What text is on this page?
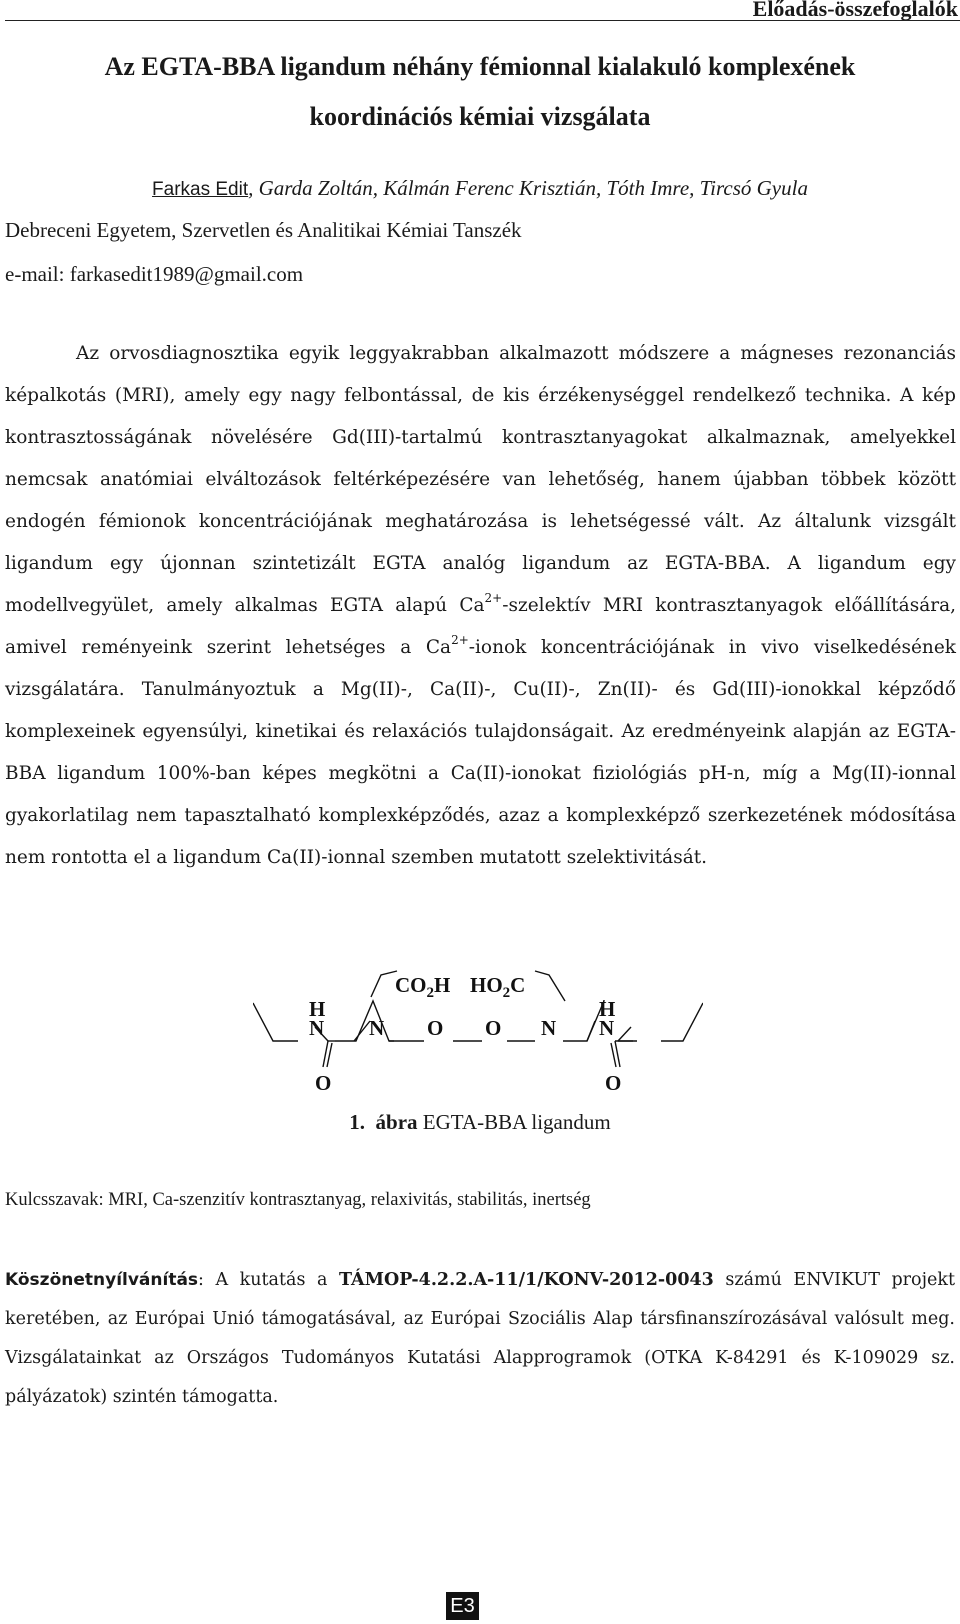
Előadás-összefoglalók
Az EGTA-BBA ligandum néhány fémionnal kialakuló komplexének
koordinációs kémiai vizsgálata
Farkas Edit, Garda Zoltán, Kálmán Ferenc Krisztián, Tóth Imre, Tircsó Gyula
Debreceni Egyetem, Szervetlen és Analitikai Kémiai Tanszék
e-mail: farkasedit1989@gmail.com
Az orvosdiagnosztika egyik leggyakrabban alkalmazott módszere a mágneses rezonanciás képalkotás (MRI), amely egy nagy felbontással, de kis érzékenységgel rendelkező technika. A kép kontrasztosságának növelésére Gd(III)-tartalmú kontrasztanyagokat alkalmaznak, amelyekkel nemcsak anatómiai elváltozások feltérképezésére van lehetőség, hanem újabban többek között endogén fémionok koncentrációjának meghatározása is lehetségessé vált. Az általunk vizsgált ligandum egy újonnan szintetizált EGTA analóg ligandum az EGTA-BBA. A ligandum egy modellvegyület, amely alkalmas EGTA alapú $Ca^{2+}$-szelektív MRI kontrasztanyagok előállítására, amivel reményeink szerint lehetséges a $Ca^{2+}$-ionok koncentrációjának in vivo viselkedésének vizsgálatára. Tanulmányoztuk a Mg(II)-, Ca(II)-, Cu(II)-, Zn(II)- és Gd(III)-ionokkal képződő komplexeinek egyensúlyi, kinetikai és relaxációs tulajdonságait. Az eredményeink alapján az EGTA-BBA ligandum 100%-ban képes megkötni a Ca(II)-ionokat fiziológiás pH-n, míg a Mg(II)-ionnal gyakorlatilag nem tapasztalható komplexképződés, azaz a komplexképző szerkezetének módosítása nem rontotta el a ligandum Ca(II)-ionnal szemben mutatott szelektivitását.
$CO_2H$ $HO_2C$
H
N N O O N
H
N
O	O
1. ábra EGTA-BBA ligandum
Kulcsszavak: MRI, Ca-szenzitív kontrasztanyag, relaxivitás, stabilitás, inertség
Köszönetnyílvánítás: A kutatás a TÁMOP-4.2.2.A-11/1/KONV-2012-0043 számú ENVIKUT projekt keretében, az Európai Unió támogatásával, az Európai Szociális Alap társfinanszírozásával valósult meg. Vizsgálatainkat az Országos Tudományos Kutatási Alapprogramok (OTKA K-84291 és K-109029 sz. pályázatok) szintén támogatta.
E3
